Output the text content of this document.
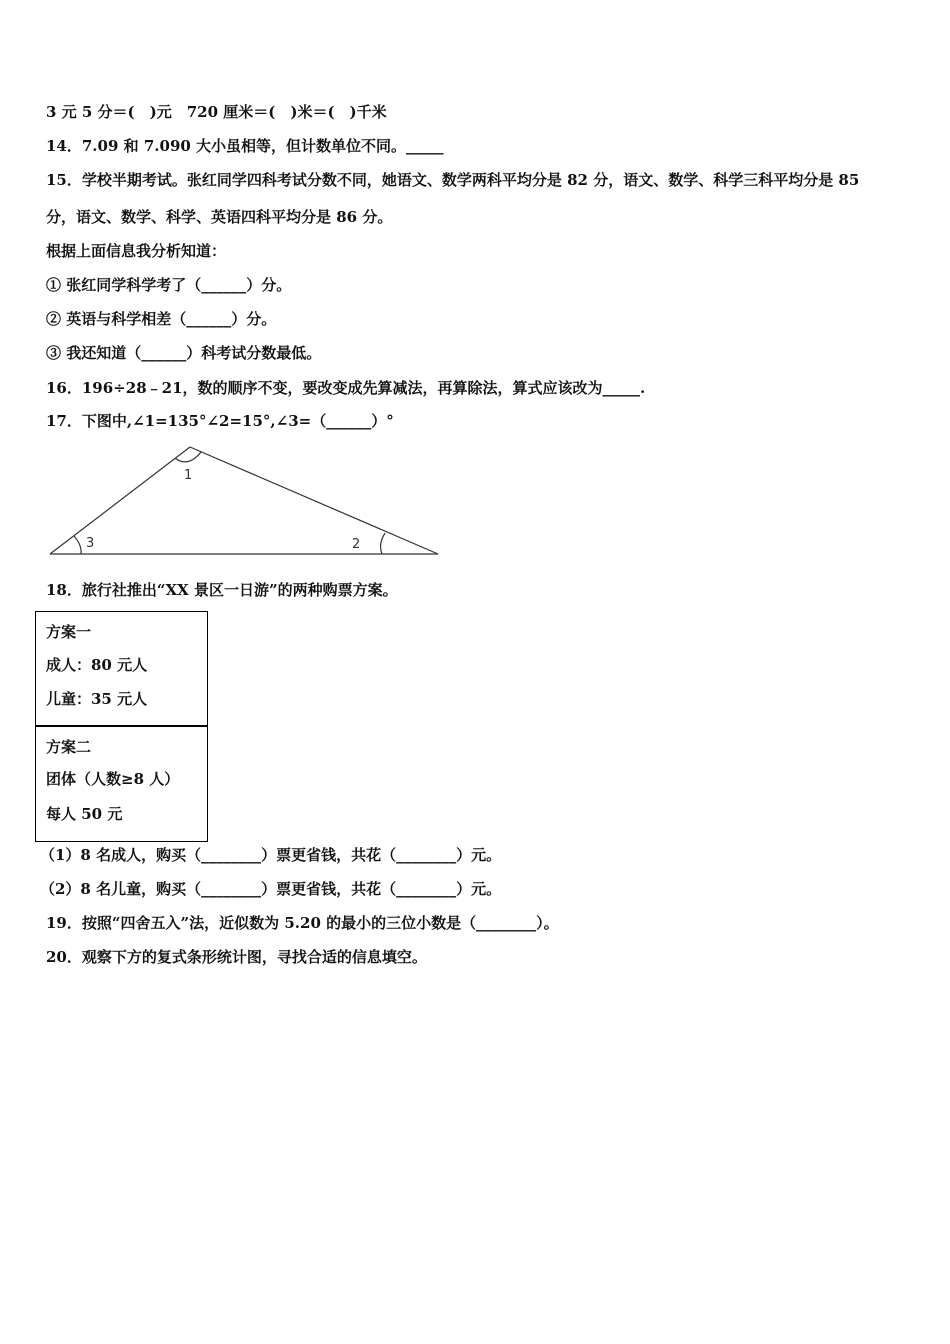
3 元 5 分＝(　)元　720 厘米＝(　)米＝(　)千米
14．7.09 和 7.090 大小虽相等，但计数单位不同。_____
15．学校半期考试。张红同学四科考试分数不同，她语文、数学两科平均分是 82 分，语文、数学、科学三科平均分是 85
分，语文、数学、科学、英语四科平均分是 86 分。
根据上面信息我分析知道：
① 张红同学科学考了（______）分。
② 英语与科学相差（______）分。
③ 我还知道（______）科考试分数最低。
16．196÷28﹣21，数的顺序不变，要改变成先算减法，再算除法，算式应该改为_____.
17．下图中,∠1=135°∠2=15°,∠3=（______）°
1
2
3
18．旅行社推出“XX 景区一日游”的两种购票方案。
方案一
成人：80 元人
儿童：35 元人
方案二
团体（人数≥8 人）
每人 50 元
（1）8 名成人，购买（________）票更省钱，共花（________）元。
（2）8 名儿童，购买（________）票更省钱，共花（________）元。
19．按照“四舍五入”法，近似数为 5.20 的最小的三位小数是（________）。
20．观察下方的复式条形统计图，寻找合适的信息填空。
